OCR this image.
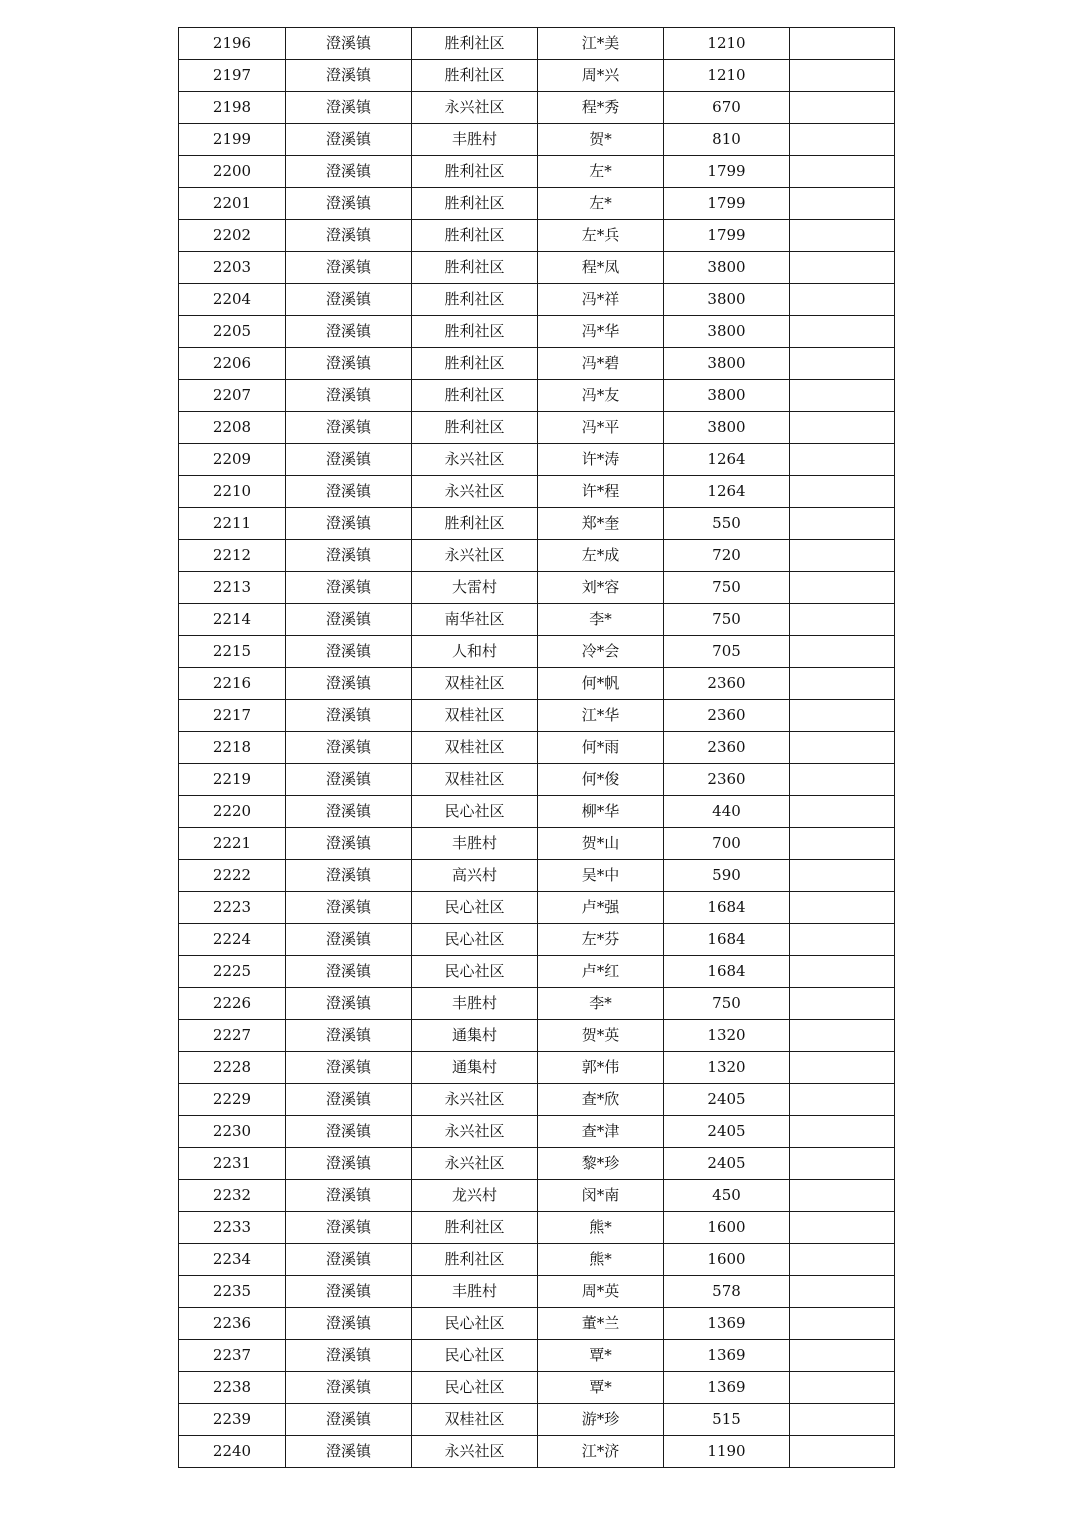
2196	澄溪镇	胜利社区	江*美	1210	
2197	澄溪镇	胜利社区	周*兴	1210	
2198	澄溪镇	永兴社区	程*秀	670	
2199	澄溪镇	丰胜村	贺*	810	
2200	澄溪镇	胜利社区	左*	1799	
2201	澄溪镇	胜利社区	左*	1799	
2202	澄溪镇	胜利社区	左*兵	1799	
2203	澄溪镇	胜利社区	程*凤	3800	
2204	澄溪镇	胜利社区	冯*祥	3800	
2205	澄溪镇	胜利社区	冯*华	3800	
2206	澄溪镇	胜利社区	冯*碧	3800	
2207	澄溪镇	胜利社区	冯*友	3800	
2208	澄溪镇	胜利社区	冯*平	3800	
2209	澄溪镇	永兴社区	许*涛	1264	
2210	澄溪镇	永兴社区	许*程	1264	
2211	澄溪镇	胜利社区	郑*奎	550	
2212	澄溪镇	永兴社区	左*成	720	
2213	澄溪镇	大雷村	刘*容	750	
2214	澄溪镇	南华社区	李*	750	
2215	澄溪镇	人和村	冷*会	705	
2216	澄溪镇	双桂社区	何*帆	2360	
2217	澄溪镇	双桂社区	江*华	2360	
2218	澄溪镇	双桂社区	何*雨	2360	
2219	澄溪镇	双桂社区	何*俊	2360	
2220	澄溪镇	民心社区	柳*华	440	
2221	澄溪镇	丰胜村	贺*山	700	
2222	澄溪镇	高兴村	吴*中	590	
2223	澄溪镇	民心社区	卢*强	1684	
2224	澄溪镇	民心社区	左*芬	1684	
2225	澄溪镇	民心社区	卢*红	1684	
2226	澄溪镇	丰胜村	李*	750	
2227	澄溪镇	通集村	贺*英	1320	
2228	澄溪镇	通集村	郭*伟	1320	
2229	澄溪镇	永兴社区	查*欣	2405	
2230	澄溪镇	永兴社区	查*津	2405	
2231	澄溪镇	永兴社区	黎*珍	2405	
2232	澄溪镇	龙兴村	闵*南	450	
2233	澄溪镇	胜利社区	熊*	1600	
2234	澄溪镇	胜利社区	熊*	1600	
2235	澄溪镇	丰胜村	周*英	578	
2236	澄溪镇	民心社区	董*兰	1369	
2237	澄溪镇	民心社区	覃*	1369	
2238	澄溪镇	民心社区	覃*	1369	
2239	澄溪镇	双桂社区	游*珍	515	
2240	澄溪镇	永兴社区	江*济	1190	
